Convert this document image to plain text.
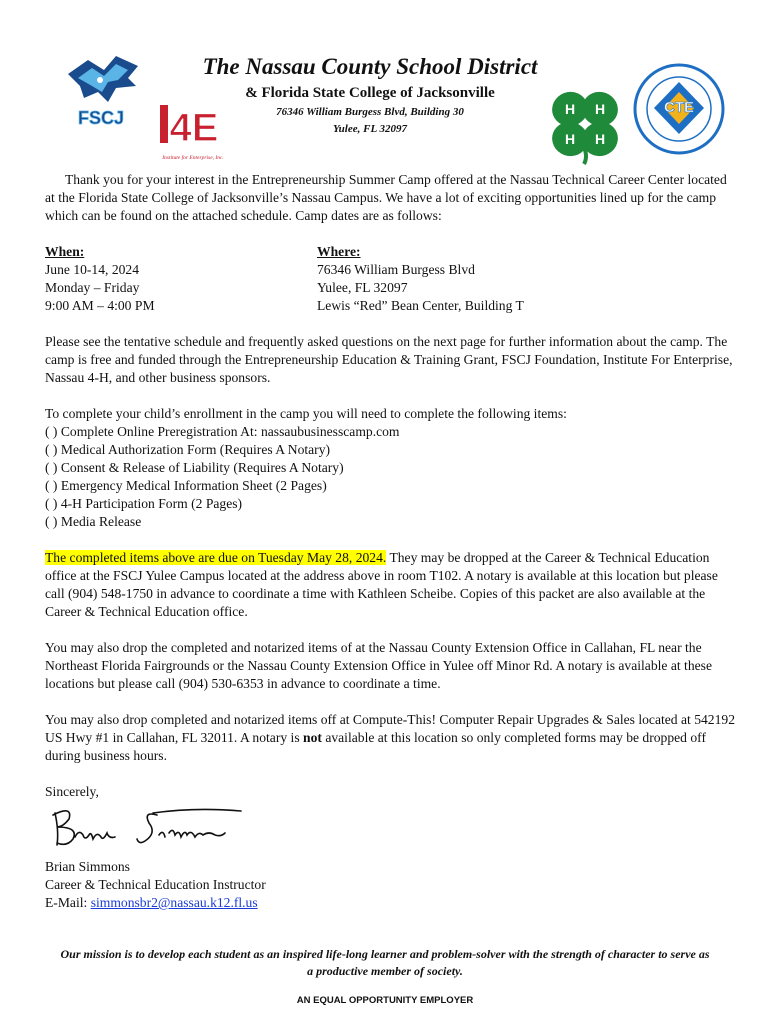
FSCJ 4E
Institute for Enterprise, Inc.
H H
H H
CTE

The Nassau County School District

& Florida State College of Jacksonville

76346 William Burgess Blvd, Building 30

Yulee, FL 32097

Thank you for your interest in the Entrepreneurship Summer Camp offered at the Nassau Technical Career Center located at the Florida State College of Jacksonville’s Nassau Campus. We have a lot of exciting opportunities lined up for the camp which can be found on the attached schedule. Camp dates are as follows:

When:
June 10-14, 2024
Monday – Friday
9:00 AM – 4:00 PM
Where:
76346 William Burgess Blvd
Yulee, FL 32097
Lewis “Red” Bean Center, Building T

Please see the tentative schedule and frequently asked questions on the next page for further information about the camp. The camp is free and funded through the Entrepreneurship Education & Training Grant, FSCJ Foundation, Institute For Enterprise, Nassau 4-H, and other business sponsors.

To complete your child’s enrollment in the camp you will need to complete the following items:
( ) Complete Online Preregistration At: nassaubusinesscamp.com
( ) Medical Authorization Form (Requires A Notary)
( ) Consent & Release of Liability (Requires A Notary)
( ) Emergency Medical Information Sheet (2 Pages)
( ) 4-H Participation Form (2 Pages)
( ) Media Release

The completed items above are due on Tuesday May 28, 2024. They may be dropped at the Career & Technical Education office at the FSCJ Yulee Campus located at the address above in room T102. A notary is available at this location but please call (904) 548-1750 in advance to coordinate a time with Kathleen Scheibe. Copies of this packet are also available at the Career & Technical Education office.

You may also drop the completed and notarized items of at the Nassau County Extension Office in Callahan, FL near the Northeast Florida Fairgrounds or the Nassau County Extension Office in Yulee off Minor Rd. A notary is available at these locations but please call (904) 530-6353 in advance to coordinate a time.

You may also drop completed and notarized items off at Compute-This! Computer Repair Upgrades & Sales located at 542192 US Hwy #1 in Callahan, FL 32011. A notary is not available at this location so only completed forms may be dropped off during business hours.

Sincerely,
Brian Simmons
Career & Technical Education Instructor
E-Mail: simmonsbr2@nassau.k12.fl.us
Our mission is to develop each student as an inspired life-long learner and problem-solver with the strength of character to serve as a productive member of society.
AN EQUAL OPPORTUNITY EMPLOYER
